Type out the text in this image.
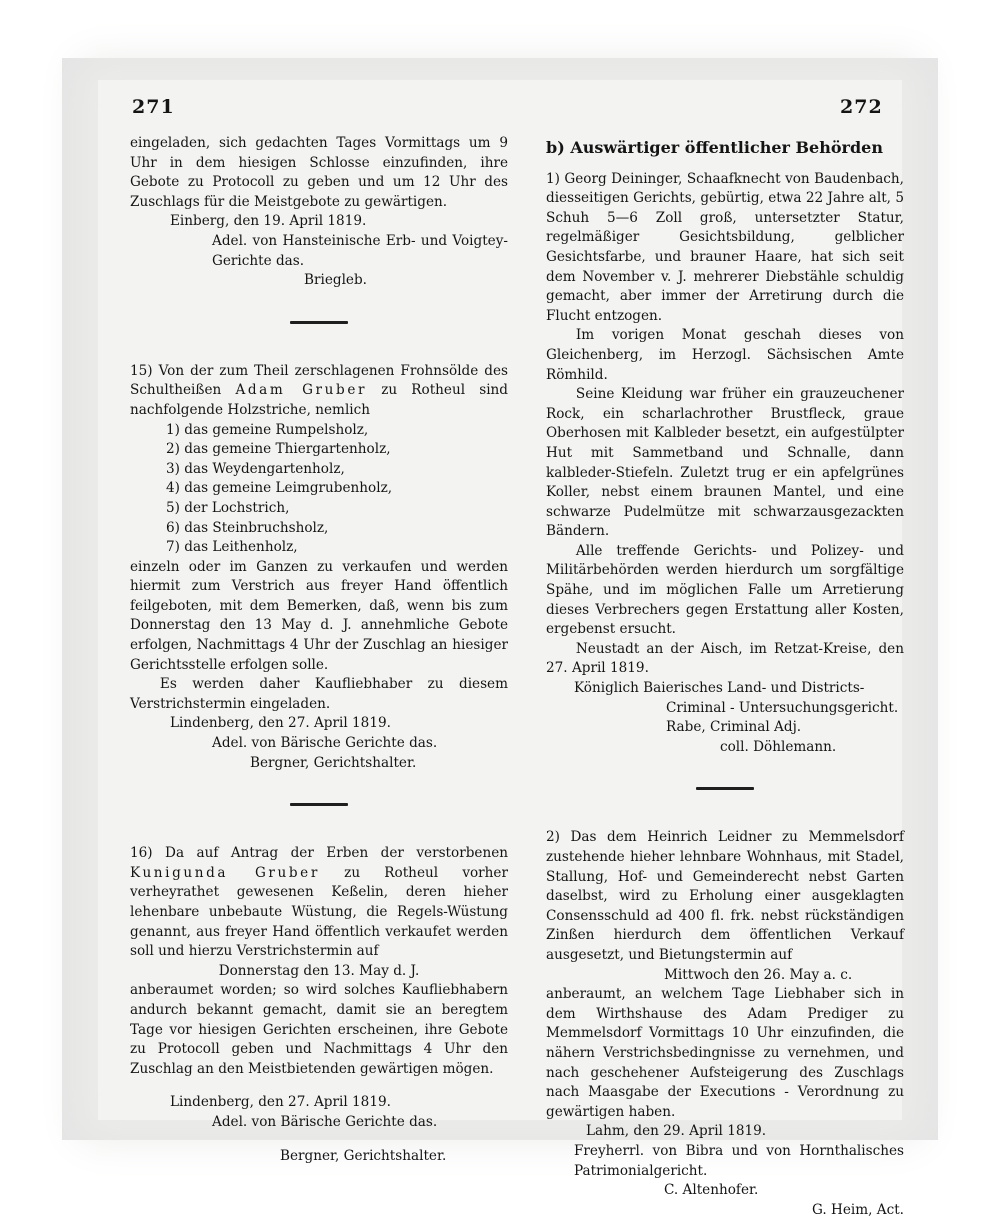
271	272

eingeladen, sich gedachten Tages Vormittags um 9 Uhr in dem hiesigen Schlosse einzufinden, ihre Gebote zu Protocoll zu geben und um 12 Uhr des Zuschlags für die Meistgebote zu gewärtigen.

Einberg, den 19. April 1819.

Adel. von Hansteinische Erb- und Voigtey-Gerichte das.

Briegleb.

15) Von der zum Theil zerschlagenen Frohnsölde des Schultheißen Adam Gruber zu Rotheul sind nachfolgende Holzstriche, nemlich

1) das gemeine Rumpelsholz,
2) das gemeine Thiergartenholz,
3) das Weydengartenholz,
4) das gemeine Leimgrubenholz,
5) der Lochstrich,
6) das Steinbruchsholz,
7) das Leithenholz,

einzeln oder im Ganzen zu verkaufen und werden hiermit zum Verstrich aus freyer Hand öffentlich feilgeboten, mit dem Bemerken, daß, wenn bis zum Donnerstag den 13 May d. J. annehmliche Gebote erfolgen, Nachmittags 4 Uhr der Zuschlag an hiesiger Gerichtsstelle erfolgen solle.

Es werden daher Kaufliebhaber zu diesem Verstrichstermin eingeladen.

Lindenberg, den 27. April 1819.

Adel. von Bärische Gerichte das.

Bergner, Gerichtshalter.

16) Da auf Antrag der Erben der verstorbenen Kunigunda Gruber zu Rotheul vorher verheyrathet gewesenen Keßelin, deren hieher lehenbare unbebaute Wüstung, die Regels-Wüstung genannt, aus freyer Hand öffentlich verkaufet werden soll und hierzu Verstrichstermin auf

Donnerstag den 13. May d. J.

anberaumet worden; so wird solches Kaufliebhabern andurch bekannt gemacht, damit sie an beregtem Tage vor hiesigen Gerichten erscheinen, ihre Gebote zu Protocoll geben und Nachmittags 4 Uhr den Zuschlag an den Meistbietenden gewärtigen mögen.

Lindenberg, den 27. April 1819.

Adel. von Bärische Gerichte das.

Bergner, Gerichtshalter.

b) Auswärtiger öffentlicher Behörden

1) Georg Deininger, Schaafknecht von Baudenbach, diesseitigen Gerichts, gebürtig, etwa 22 Jahre alt, 5 Schuh 5—6 Zoll groß, untersetzter Statur, regelmäßiger Gesichtsbildung, gelblicher Gesichtsfarbe, und brauner Haare, hat sich seit dem November v. J. mehrerer Diebstähle schuldig gemacht, aber immer der Arretirung durch die Flucht entzogen.

Im vorigen Monat geschah dieses von Gleichenberg, im Herzogl. Sächsischen Amte Römhild.

Seine Kleidung war früher ein grauzeuchener Rock, ein scharlachrother Brustfleck, graue Oberhosen mit Kalbleder besetzt, ein aufgestülpter Hut mit Sammetband und Schnalle, dann kalbleder-Stiefeln. Zuletzt trug er ein apfelgrünes Koller, nebst einem braunen Mantel, und eine schwarze Pudelmütze mit schwarzausgezackten Bändern.

Alle treffende Gerichts- und Polizey- und Militärbehörden werden hierdurch um sorgfältige Spähe, und im möglichen Falle um Arretierung dieses Verbrechers gegen Erstattung aller Kosten, ergebenst ersucht.

Neustadt an der Aisch, im Retzat-Kreise, den 27. April 1819.

Königlich Baierisches Land- und Districts-

Criminal - Untersuchungsgericht.

Rabe, Criminal Adj.

coll. Döhlemann.

2) Das dem Heinrich Leidner zu Memmelsdorf zustehende hieher lehnbare Wohnhaus, mit Stadel, Stallung, Hof- und Gemeinderecht nebst Garten daselbst, wird zu Erholung einer ausgeklagten Consensschuld ad 400 fl. frk. nebst rückständigen Zinßen hierdurch dem öffentlichen Verkauf ausgesetzt, und Bietungstermin auf

Mittwoch den 26. May a. c.

anberaumt, an welchem Tage Liebhaber sich in dem Wirthshause des Adam Prediger zu Memmelsdorf Vormittags 10 Uhr einzufinden, die nähern Verstrichsbedingnisse zu vernehmen, und nach geschehener Aufsteigerung des Zuschlags nach Maasgabe der Executions - Verordnung zu gewärtigen haben.

Lahm, den 29. April 1819.

Freyherrl. von Bibra und von Hornthalisches Patrimonialgericht.

C. Altenhofer.

G. Heim, Act.
